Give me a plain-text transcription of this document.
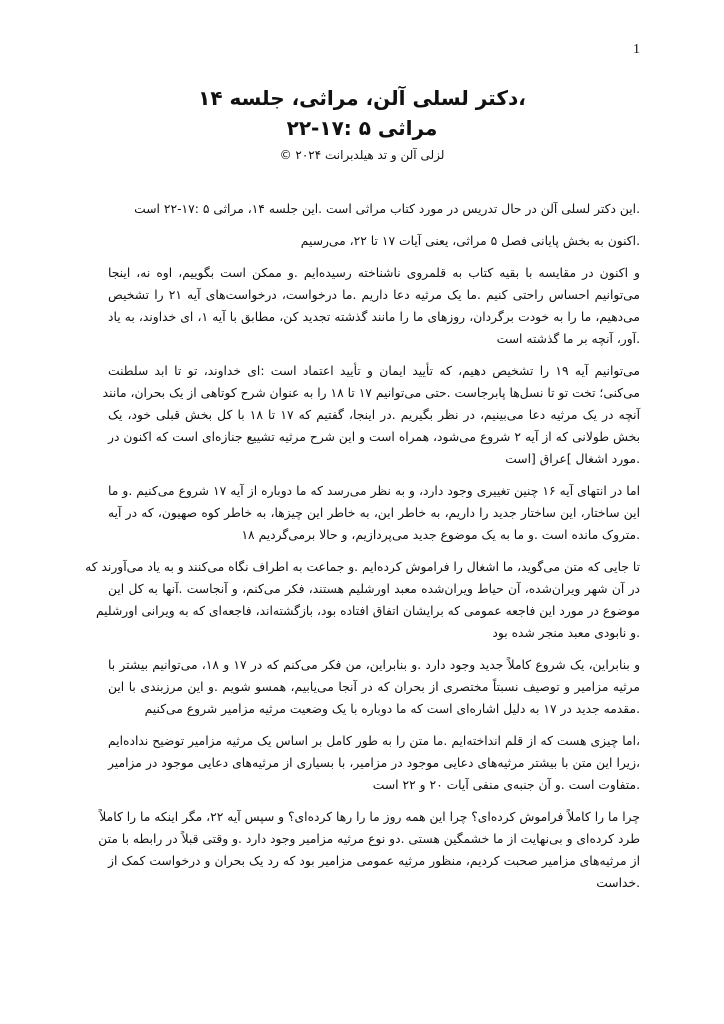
1
،دکتر لسلی آلن، مراثی، جلسه ۱۴
مراثی ۵ :۱۷-۲۲
لزلی آلن و تد هیلدبرانت ۲۰۲۴ ©
.این دکتر لسلی آلن در حال تدریس در مورد کتاب مراثی است .این جلسه ۱۴، مراثی ۵ :۱۷-۲۲ است
.اکنون به بخش پایانی فصل ۵ مراثی، یعنی آیات ۱۷ تا ۲۲، می‌رسیم
و اکنون در مقایسه با بقیه کتاب به قلمروی ناشناخته رسیده‌ایم .و ممکن است بگوییم، اوه نه، اینجا
می‌توانیم احساس راحتی کنیم .ما یک مرثیه دعا داریم .ما درخواست، درخواست‌های آیه ۲۱ را تشخیص
می‌دهیم، ما را به خودت برگردان، روزهای ما را مانند گذشته تجدید کن، مطابق با آیه ۱، ای خداوند، به یاد
.آور، آنچه بر ما گذشته است
می‌توانیم آیه ۱۹ را تشخیص دهیم، که تأیید ایمان و تأیید اعتماد است :ای خداوند، تو تا ابد سلطنت
می‌کنی؛ تخت تو تا نسل‌ها پابرجاست .حتی می‌توانیم ۱۷ تا ۱۸ را به عنوان شرح کوتاهی از یک بحران، مانند
آنچه در یک مرثیه دعا می‌بینیم، در نظر بگیریم .در اینجا، گفتیم که ۱۷ تا ۱۸ با کل بخش قبلی خود، یک
بخش طولانی که از آیه ۲ شروع می‌شود، همراه است و این شرح مرثیه تشییع جنازه‌ای است که اکنون در
.مورد اشغال ]عراق [است
اما در انتهای آیه ۱۶ چنین تغییری وجود دارد، و به نظر می‌رسد که ما دوباره از آیه ۱۷ شروع می‌کنیم .و ما
این ساختار، این ساختار جدید را داریم، به خاطر این، به خاطر این چیزها، به خاطر کوه صهیون، که در آیه
.متروک مانده است .و ما به یک موضوع جدید می‌پردازیم، و حالا برمی‌گردیم ۱۸
تا جایی که متن می‌گوید، ما اشغال را فراموش کرده‌ایم .و جماعت به اطراف نگاه می‌کنند و به یاد می‌آورند که
در آن شهر ویران‌شده، آن حیاط ویران‌شده معبد اورشلیم هستند، فکر می‌کنم، و آنجاست .آنها به کل این
موضوع در مورد این فاجعه عمومی که برایشان اتفاق افتاده بود، بازگشته‌اند، فاجعه‌ای که به ویرانی اورشلیم
.و نابودی معبد منجر شده بود
و بنابراین، یک شروع کاملاً جدید وجود دارد .و بنابراین، من فکر می‌کنم که در ۱۷ و ۱۸، می‌توانیم بیشتر با
مرثیه مزامیر و توصیف نسبتاً مختصری از بحران که در آنجا می‌یابیم، همسو شویم .و این مرزبندی با این
.مقدمه جدید در ۱۷ به دلیل اشاره‌ای است که ما دوباره با یک وضعیت مرثیه مزامیر شروع می‌کنیم
،اما چیزی هست که از قلم انداخته‌ایم .ما متن را به طور کامل بر اساس یک مرثیه مزامیر توضیح نداده‌ایم
،زیرا این متن با بیشتر مرثیه‌های دعایی موجود در مزامیر، با بسیاری از مرثیه‌های دعایی موجود در مزامیر
.متفاوت است .و آن جنبه‌ی منفی آیات ۲۰ و ۲۲ است
چرا ما را کاملاً فراموش کرده‌ای؟ چرا این همه روز ما را رها کرده‌ای؟ و سپس آیه ۲۲، مگر اینکه ما را کاملاً
طرد کرده‌ای و بی‌نهایت از ما خشمگین هستی .دو نوع مرثیه مزامیر وجود دارد .و وقتی قبلاً در رابطه با متن
از مرثیه‌های مزامیر صحبت کردیم، منظور مرثیه عمومی مزامیر بود که رد یک بحران و درخواست کمک از
.خداست
